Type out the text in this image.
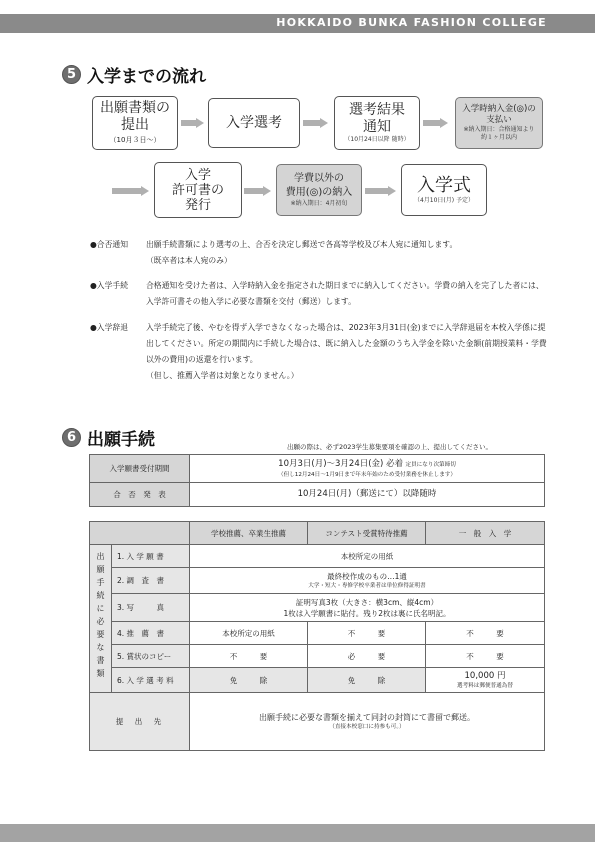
HOKKAIDO BUNKA FASHION COLLEGE
5 入学までの流れ
出願書類の
提出
（10月３日〜）
入学選考
選考結果
通知
（10月24日以降 随時）
入学時納入金(◎)の
支払い
※納入期日：合格通知より
約１ヶ月以内
入学
許可書の
発行
学費以外の
費用(◎)の納入
※納入期日：4月初旬
入学式
（4月10日(月) 予定）
●合否通知 出願手続書類により選考の上、合否を決定し郵送で各高等学校及び本人宛に通知します。
（既卒者は本人宛のみ）
●入学手続 合格通知を受けた者は、入学時納入金を指定された期日までに納入してください。学費の納入を完了した者には、入学許可書その他入学に必要な書類を交付（郵送）します。
●入学辞退 入学手続完了後、やむを得ず入学できなくなった場合は、2023年3月31日(金)までに入学辞退届を本校入学係に提出してください。所定の期間内に手続した場合は、既に納入した金額のうち入学金を除いた金額(前期授業料・学費以外の費用)の返還を行います。
（但し、推薦入学者は対象となりません。）
6 出願手続	出願の際は、必ず2023学生募集要項を確認の上、提出してください。
入学願書受付期間	10月3日(月)〜3月24日(金) 必着 定員になり次第締切
（但し12月24日〜1月9日まで年末年始のため受付業務を休止します）

合　否　発　表	10月24日(月)（郵送にて）以降随時
		学校推薦、卒業生推薦	コンテスト受賞特待推薦	一　般　入　学
出願手続に必要な書類	1. 入 学 願 書	本校所定の用紙		
	2. 調　査　書	最終校作成のもの…1通
大学・短大・専修学校卒業者は単位修得証明書		

	3. 写　　　真	証明写真3枚（大きさ：横3cm、縦4cm）
1枚は入学願書に貼付。残り2枚は裏に氏名明記。		
	4. 推　薦　書	本校所定の用紙	不　　　要	不　　　要
	5. 賞状のコピー	不　　　要	必　　　要	不　　　要
	6. 入 学 選 考 料	免　　　除	免　　　除	10,000 円
選考料は郵便普通為替

提　出　先		出願手続に必要な書類を揃えて同封の封筒にて書留で郵送。
（直接本校窓口に持参も可。）		
